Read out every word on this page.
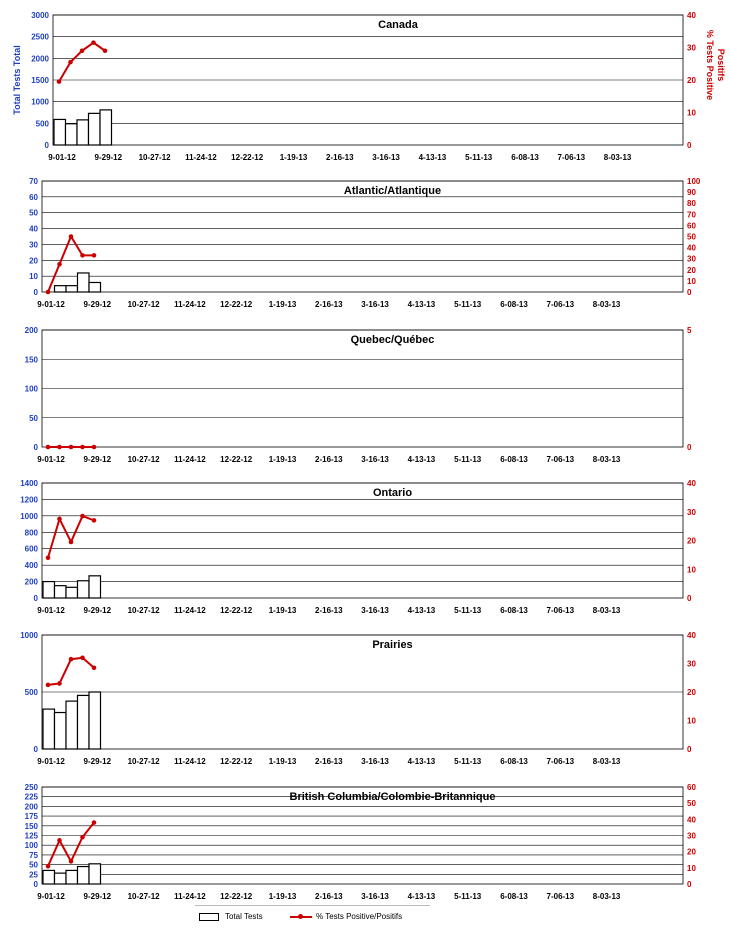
0
500
1000
1500
2000
2500
3000
0
10
20
30
40
9-01-12 9-29-12 10-27-12 11-24-12 12-22-12 1-19-13 2-16-13 3-16-13 4-13-13 5-11-13 6-08-13 7-06-13 8-03-13
Canada
Total Tests Total	% Tests Positive Positifs
0
10
20
30
40
50
60
70
0
10
20
30
40
50
60
70
80
90
100
9-01-12 9-29-12 10-27-12 11-24-12 12-22-12 1-19-13 2-16-13 3-16-13 4-13-13 5-11-13 6-08-13 7-06-13 8-03-13
Atlantic/Atlantique
0
50
100
150
200
0
5
9-01-12 9-29-12 10-27-12 11-24-12 12-22-12 1-19-13 2-16-13 3-16-13 4-13-13 5-11-13 6-08-13 7-06-13 8-03-13
Quebec/Québec
0
200
400
600
800
1000
1200
1400
0
10
20
30
40
9-01-12 9-29-12 10-27-12 11-24-12 12-22-12 1-19-13 2-16-13 3-16-13 4-13-13 5-11-13 6-08-13 7-06-13 8-03-13
Ontario
0
500
1000
0
10
20
30
40
9-01-12 9-29-12 10-27-12 11-24-12 12-22-12 1-19-13 2-16-13 3-16-13 4-13-13 5-11-13 6-08-13 7-06-13 8-03-13
Prairies
0
25
50
75
100
125
150
175
200
225
250
0
10
20
30
40
50
60
9-01-12 9-29-12 10-27-12 11-24-12 12-22-12 1-19-13 2-16-13 3-16-13 4-13-13 5-11-13 6-08-13 7-06-13 8-03-13
British Columbia/Colombie-Britannique
Total Tests	% Tests Positive/Positifs
